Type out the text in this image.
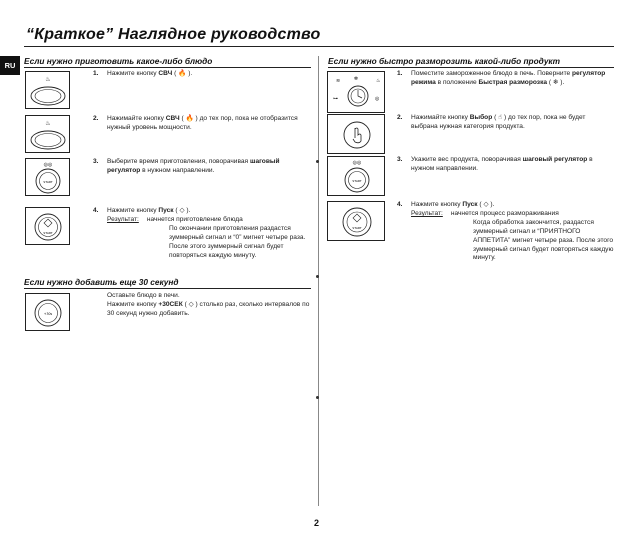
“Краткое” Наглядное руководство
RU	Если нужно приготовить какое-либо блюдо
♨
1. Нажмите кнопку СВЧ ( 🔥 ).
♨
2. Нажимайте кнопку СВЧ ( 🔥 ) до тех пор, пока не отобразится нужный уровень мощности.
◎◎
START
3. Выберите время приготовления, поворачивая шаговый регулятор в нужном направлении.
START
4. Нажмите кнопку Пуск ( ◇ ).
Результат: начнется приготовление блюда
По окончании приготовления раздастся зуммерный сигнал и “0” мигнет четыре раза. После этого зуммерный сигнал будет повторяться каждую минуту.
Если нужно добавить еще 30 секунд
+30s
Оставьте блюдо в печи.
Нажмите кнопку +30СЕК ( ◇ ) столько раз, сколько интервалов по 30 секунд нужно добавить.
Если нужно быстро разморозить какой-либо продукт
≋	♨
❄
⊶	◎
1. Поместите замороженное блюдо в печь. Поверните регулятор режима в положение Быстрая разморозка ( ❄ ).
2. Нажимайте кнопку Выбор ( ☝ ) до тех пор, пока не будет выбрана нужная категория продукта.
◎◎
START
3. Укажите вес продукта, поворачивая шаговый регулятор в нужном направлении.
START
4. Нажмите кнопку Пуск ( ◇ ).
Результат: начнется процесс размораживания
Когда обработка закончится, раздастся зуммерный сигнал и “ПРИЯТНОГО АППЕТИТА” мигнет четыре раза. После этого зуммерный сигнал будет повторяться каждую минуту.
2
